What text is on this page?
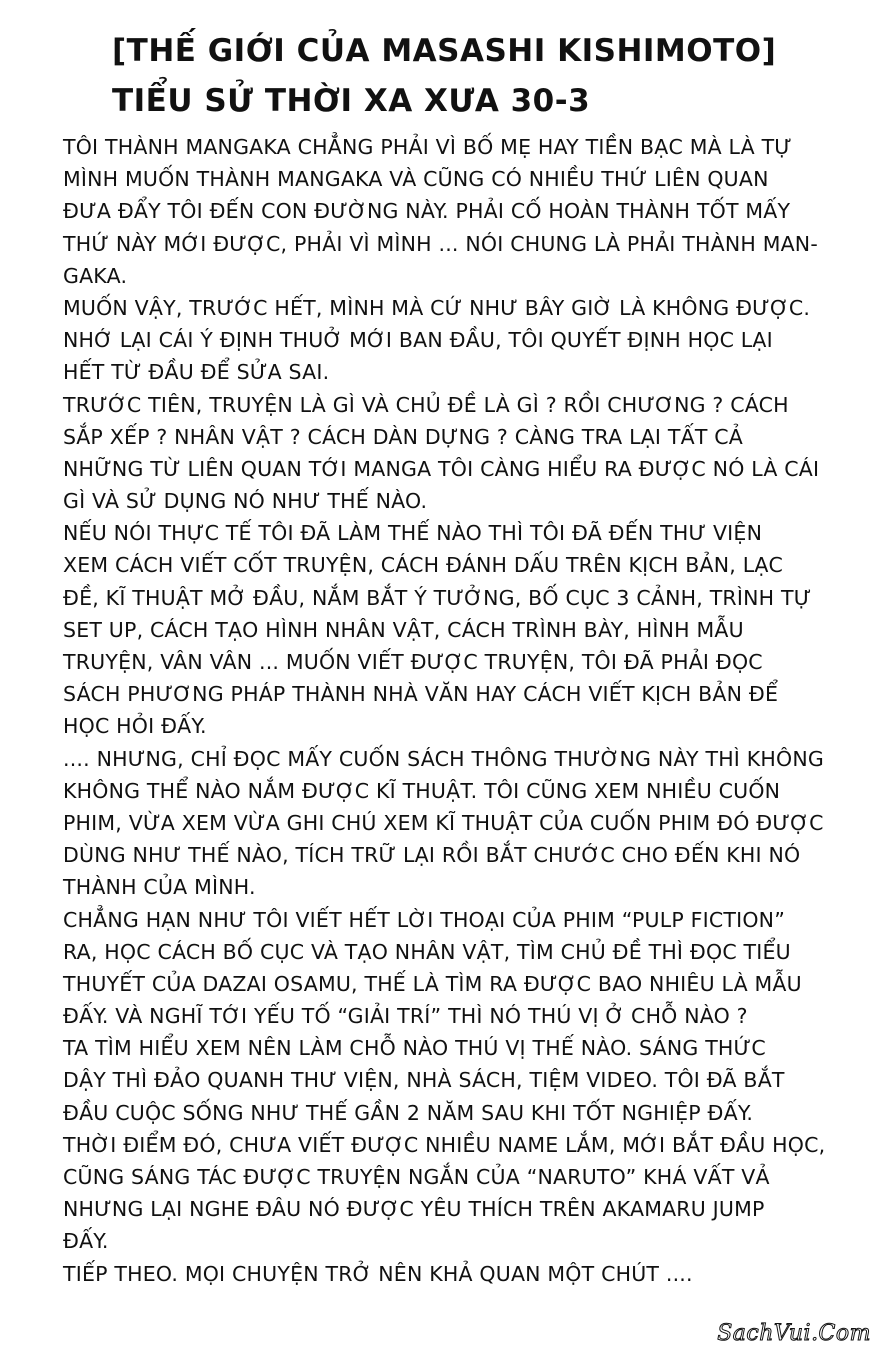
[THẾ GIỚI CỦA MASASHI KISHIMOTO]
TIỂU SỬ THỜI XA XƯA 30-3
TÔI THÀNH MANGAKA CHẲNG PHẢI VÌ BỐ MẸ HAY TIỀN BẠC MÀ LÀ TỰ
MÌNH MUỐN THÀNH MANGAKA VÀ CŨNG CÓ NHIỀU THỨ LIÊN QUAN
ĐƯA ĐẨY TÔI ĐẾN CON ĐƯỜNG NÀY. PHẢI CỐ HOÀN THÀNH TỐT MẤY
THỨ NÀY MỚI ĐƯỢC, PHẢI VÌ MÌNH ... NÓI CHUNG LÀ PHẢI THÀNH MAN-
GAKA.
MUỐN VẬY, TRƯỚC HẾT, MÌNH MÀ CỨ NHƯ BÂY GIỜ LÀ KHÔNG ĐƯỢC.
NHỚ LẠI CÁI Ý ĐỊNH THUỞ MỚI BAN ĐẦU, TÔI QUYẾT ĐỊNH HỌC LẠI
HẾT TỪ ĐẦU ĐỂ SỬA SAI.
TRƯỚC TIÊN, TRUYỆN LÀ GÌ VÀ CHỦ ĐỀ LÀ GÌ ? RỒI CHƯƠNG ? CÁCH
SẮP XẾP ? NHÂN VẬT ? CÁCH DÀN DỰNG ? CÀNG TRA LẠI TẤT CẢ
NHỮNG TỪ LIÊN QUAN TỚI MANGA TÔI CÀNG HIỂU RA ĐƯỢC NÓ LÀ CÁI
GÌ VÀ SỬ DỤNG NÓ NHƯ THẾ NÀO.
NẾU NÓI THỰC TẾ TÔI ĐÃ LÀM THẾ NÀO THÌ TÔI ĐÃ ĐẾN THƯ VIỆN
XEM CÁCH VIẾT CỐT TRUYỆN, CÁCH ĐÁNH DẤU TRÊN KỊCH BẢN, LẠC
ĐỀ, KĨ THUẬT MỞ ĐẦU, NẮM BẮT Ý TƯỞNG, BỐ CỤC 3 CẢNH, TRÌNH TỰ
SET UP, CÁCH TẠO HÌNH NHÂN VẬT, CÁCH TRÌNH BÀY, HÌNH MẪU
TRUYỆN, VÂN VÂN ... MUỐN VIẾT ĐƯỢC TRUYỆN, TÔI ĐÃ PHẢI ĐỌC
SÁCH PHƯƠNG PHÁP THÀNH NHÀ VĂN HAY CÁCH VIẾT KỊCH BẢN ĐỂ
HỌC HỎI ĐẤY.
.... NHƯNG, CHỈ ĐỌC MẤY CUỐN SÁCH THÔNG THƯỜNG NÀY THÌ KHÔNG
KHÔNG THỂ NÀO NẮM ĐƯỢC KĨ THUẬT. TÔI CŨNG XEM NHIỀU CUỐN
PHIM, VỪA XEM VỪA GHI CHÚ XEM KĨ THUẬT CỦA CUỐN PHIM ĐÓ ĐƯỢC
DÙNG NHƯ THẾ NÀO, TÍCH TRỮ LẠI RỒI BẮT CHƯỚC CHO ĐẾN KHI NÓ
THÀNH CỦA MÌNH.
CHẲNG HẠN NHƯ TÔI VIẾT HẾT LỜI THOẠI CỦA PHIM “PULP FICTION”
RA, HỌC CÁCH BỐ CỤC VÀ TẠO NHÂN VẬT, TÌM CHỦ ĐỀ THÌ ĐỌC TIỂU
THUYẾT CỦA DAZAI OSAMU, THẾ LÀ TÌM RA ĐƯỢC BAO NHIÊU LÀ MẪU
ĐẤY. VÀ NGHĨ TỚI YẾU TỐ “GIẢI TRÍ” THÌ NÓ THÚ VỊ Ở CHỖ NÀO ?
TA TÌM HIỂU XEM NÊN LÀM CHỖ NÀO THÚ VỊ THẾ NÀO. SÁNG THỨC
DẬY THÌ ĐẢO QUANH THƯ VIỆN, NHÀ SÁCH, TIỆM VIDEO. TÔI ĐÃ BẮT
ĐẦU CUỘC SỐNG NHƯ THẾ GẦN 2 NĂM SAU KHI TỐT NGHIỆP ĐẤY.
THỜI ĐIỂM ĐÓ, CHƯA VIẾT ĐƯỢC NHIỀU NAME LẮM, MỚI BẮT ĐẦU HỌC,
CŨNG SÁNG TÁC ĐƯỢC TRUYỆN NGẮN CỦA “NARUTO” KHÁ VẤT VẢ
NHƯNG LẠI NGHE ĐÂU NÓ ĐƯỢC YÊU THÍCH TRÊN AKAMARU JUMP
ĐẤY.
TIẾP THEO. MỌI CHUYỆN TRỞ NÊN KHẢ QUAN MỘT CHÚT ....
SachVui.Com
